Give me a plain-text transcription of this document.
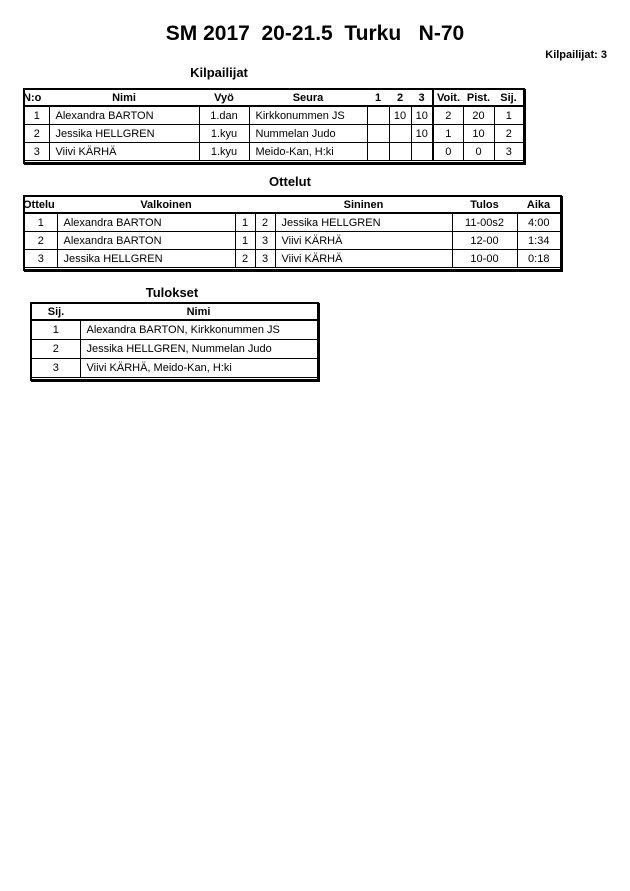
SM 2017  20-21.5  Turku   N-70
Kilpailijat: 3
Kilpailijat
N:o	Nimi	Vyö	Seura	1	2	3	Voit.	Pist.	Sij.
1	Alexandra BARTON	1.dan	Kirkkonummen JS		10	10	2	20	1
2	Jessika HELLGREN	1.kyu	Nummelan Judo			10	1	10	2
3	Viivi KÄRHÄ	1.kyu	Meido-Kan, H:ki				0	0	3
Ottelut
Ottelu	Valkoinen			Sininen	Tulos	Aika
1	Alexandra BARTON	1	2	Jessika HELLGREN	11-00s2	4:00
2	Alexandra BARTON	1	3	Viivi KÄRHÄ	12-00	1:34
3	Jessika HELLGREN	2	3	Viivi KÄRHÄ	10-00	0:18
Tulokset
Sij.	Nimi
1	Alexandra BARTON, Kirkkonummen JS
2	Jessika HELLGREN, Nummelan Judo
3	Viivi KÄRHÄ, Meido-Kan, H:ki
